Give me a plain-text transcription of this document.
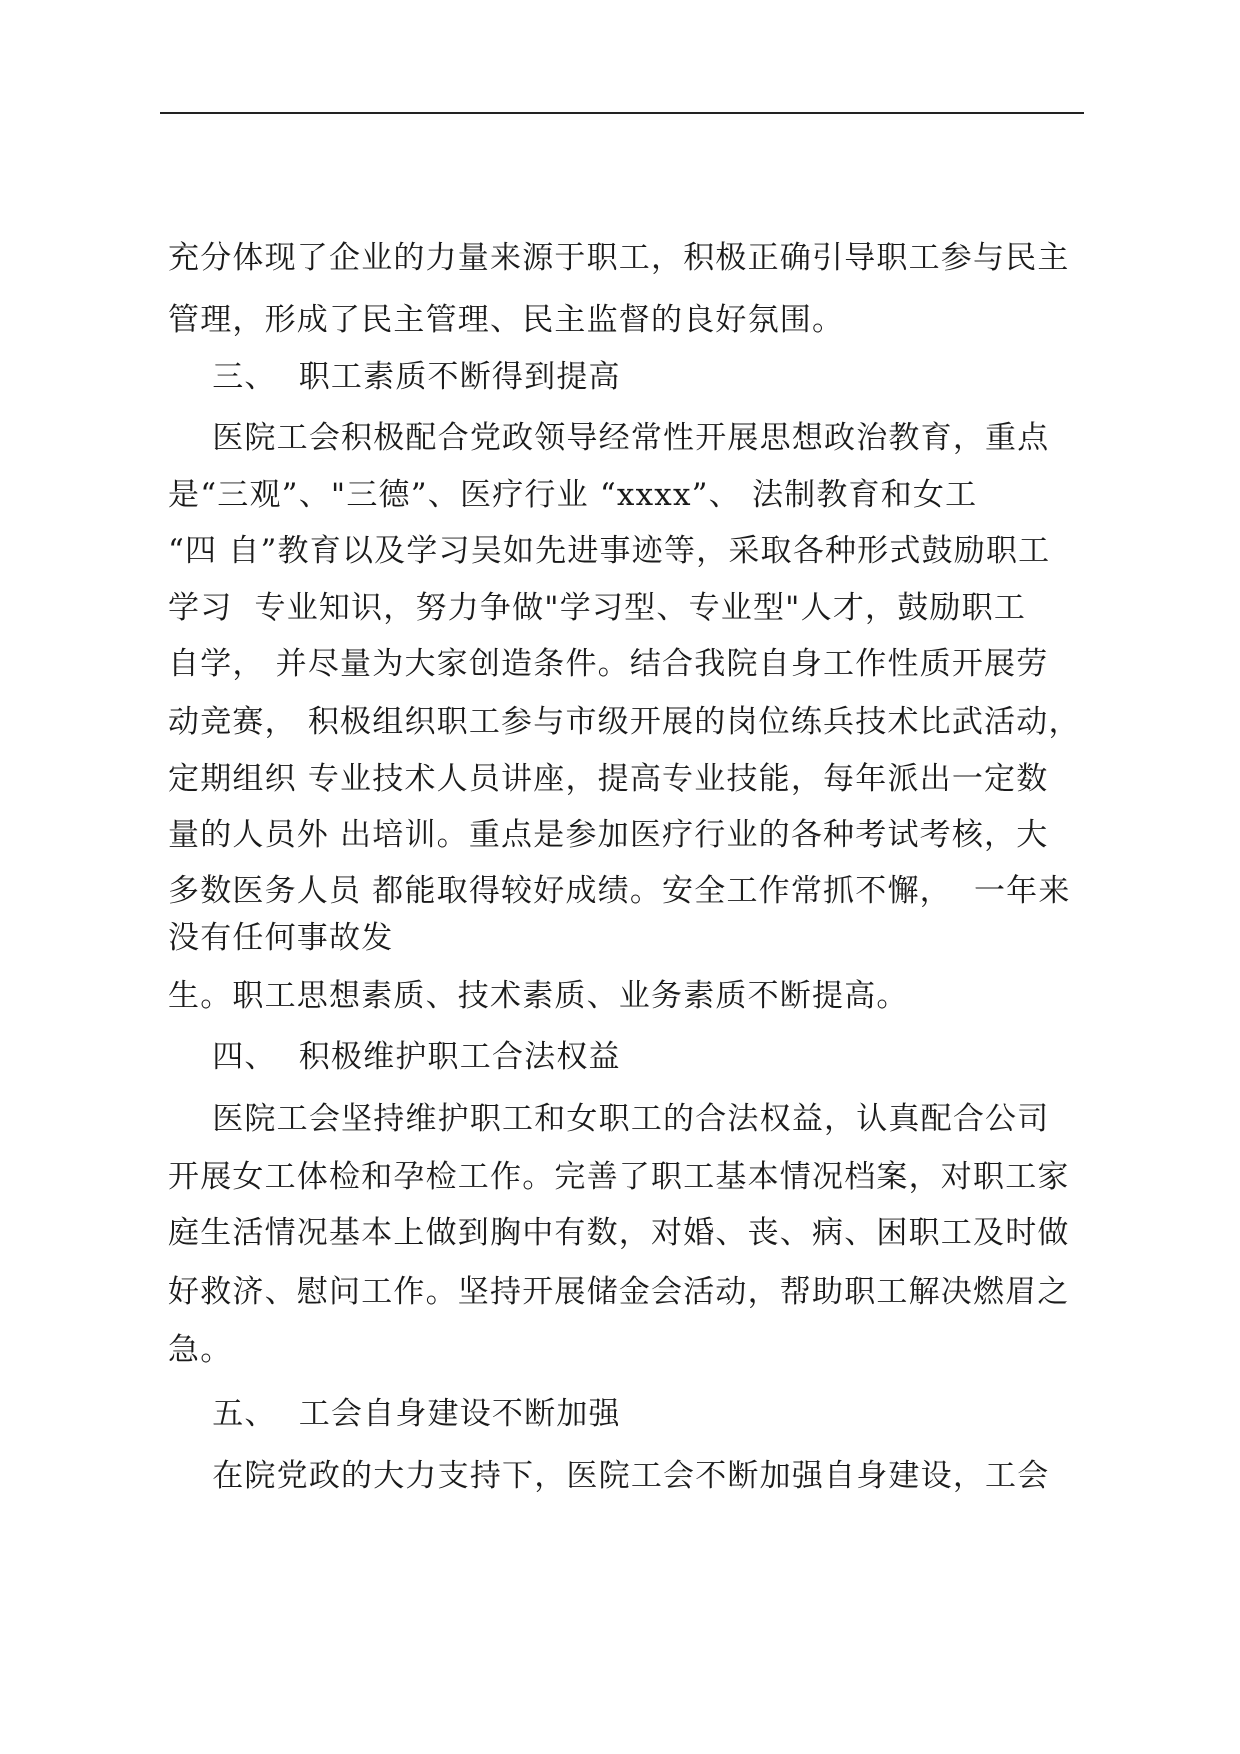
充分体现了企业的力量来源于职工，积极正确引导职工参与民主
管理，形成了民主管理、民主监督的良好氛围。
三、  职工素质不断得到提高
医院工会积极配合党政领导经常性开展思想政治教育，重点
是“三观”、"三德”、医疗行业 “xxxx”、 法制教育和女工
“四 自”教育以及学习吴如先进事迹等，采取各种形式鼓励职工
学习  专业知识，努力争做"学习型、专业型"人才，鼓励职工
自学， 并尽量为大家创造条件。结合我院自身工作性质开展劳
动竞赛， 积极组织职工参与市级开展的岗位练兵技术比武活动，
定期组织 专业技术人员讲座，提高专业技能，每年派出一定数
量的人员外 出培训。重点是参加医疗行业的各种考试考核，大
多数医务人员 都能取得较好成绩。安全工作常抓不懈，  一年来
没有任何事故发
生。职工思想素质、技术素质、业务素质不断提高。
四、  积极维护职工合法权益
医院工会坚持维护职工和女职工的合法权益，认真配合公司
开展女工体检和孕检工作。完善了职工基本情况档案，对职工家
庭生活情况基本上做到胸中有数，对婚、丧、病、困职工及时做
好救济、慰问工作。坚持开展储金会活动，帮助职工解决燃眉之
急。
五、  工会自身建设不断加强
在院党政的大力支持下，医院工会不断加强自身建设，工会
